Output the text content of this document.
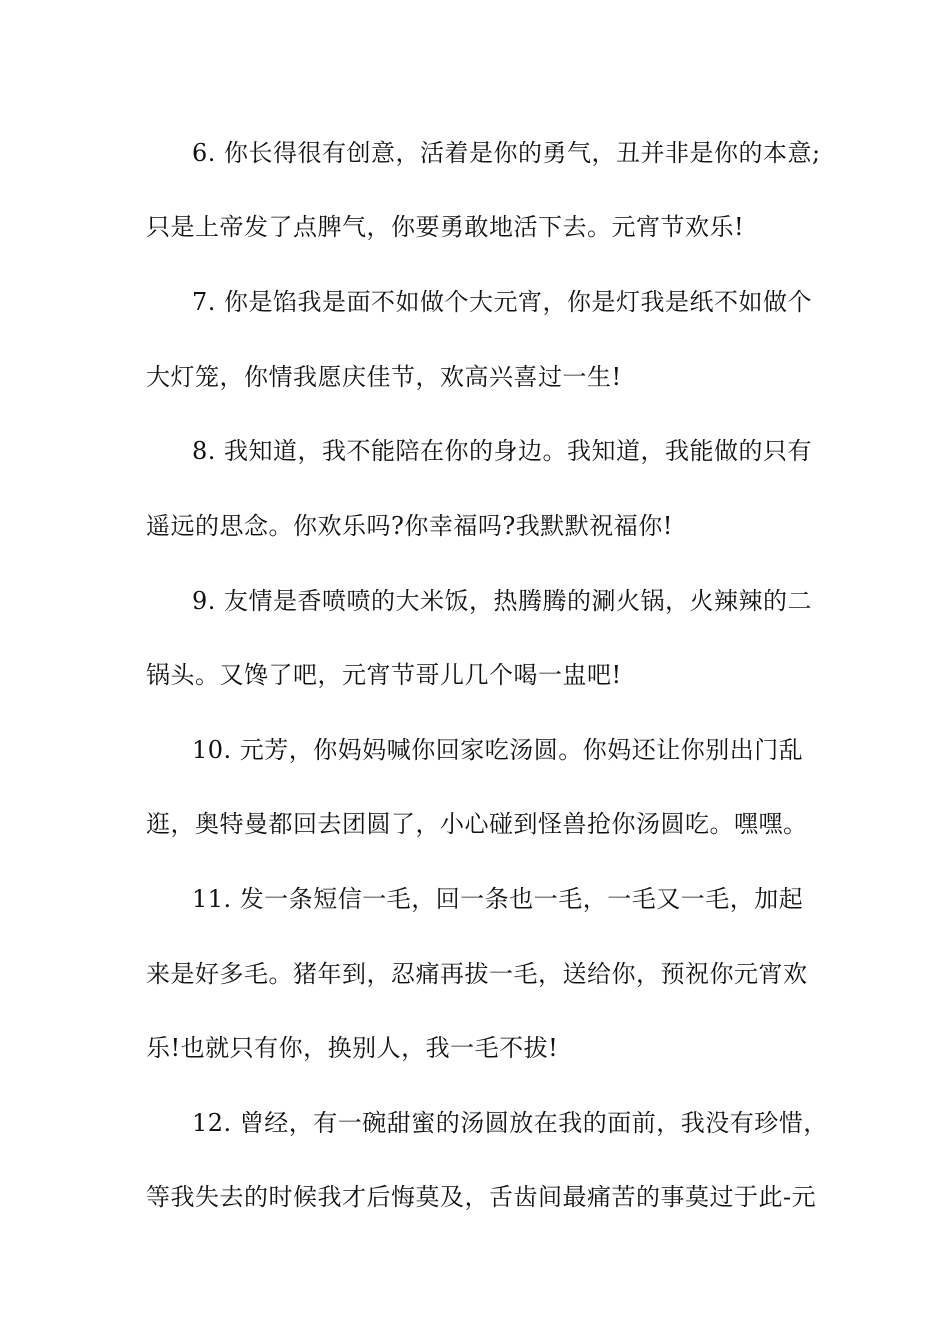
6. 你长得很有创意，活着是你的勇气，丑并非是你的本意;
只是上帝发了点脾气，你要勇敢地活下去。元宵节欢乐!
7. 你是馅我是面不如做个大元宵，你是灯我是纸不如做个
大灯笼，你情我愿庆佳节，欢高兴喜过一生!
8. 我知道，我不能陪在你的身边。我知道，我能做的只有
遥远的思念。你欢乐吗?你幸福吗?我默默祝福你!
9. 友情是香喷喷的大米饭，热腾腾的涮火锅，火辣辣的二
锅头。又馋了吧，元宵节哥儿几个喝一盅吧!
10. 元芳，你妈妈喊你回家吃汤圆。你妈还让你别出门乱
逛，奥特曼都回去团圆了，小心碰到怪兽抢你汤圆吃。嘿嘿。
11. 发一条短信一毛，回一条也一毛，一毛又一毛，加起
来是好多毛。猪年到，忍痛再拔一毛，送给你，预祝你元宵欢
乐!也就只有你，换别人，我一毛不拔!
12. 曾经，有一碗甜蜜的汤圆放在我的面前，我没有珍惜，
等我失去的时候我才后悔莫及，舌齿间最痛苦的事莫过于此-元
